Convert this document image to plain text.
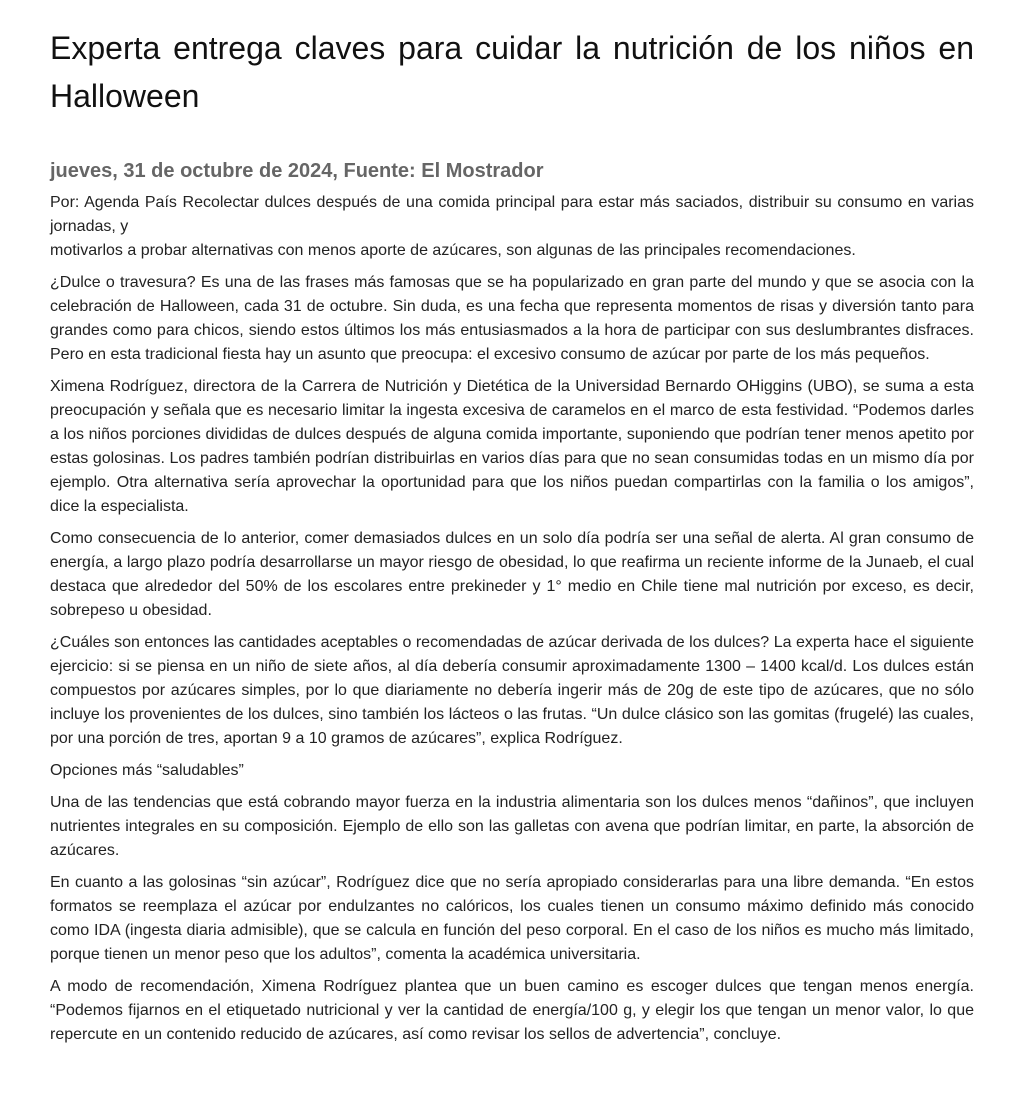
Experta entrega claves para cuidar la nutrición de los niños en Halloween
jueves, 31 de octubre de 2024, Fuente: El Mostrador

Por: Agenda País Recolectar dulces después de una comida principal para estar más saciados, distribuir su consumo en varias jornadas, y
motivarlos a probar alternativas con menos aporte de azúcares, son algunas de las principales recomendaciones.

¿Dulce o travesura? Es una de las frases más famosas que se ha popularizado en gran parte del mundo y que se asocia con la celebración de Halloween, cada 31 de octubre. Sin duda, es una fecha que representa momentos de risas y diversión tanto para grandes como para chicos, siendo estos últimos los más entusiasmados a la hora de participar con sus deslumbrantes disfraces. Pero en esta tradicional fiesta hay un asunto que preocupa: el excesivo consumo de azúcar por parte de los más pequeños.

Ximena Rodríguez, directora de la Carrera de Nutrición y Dietética de la Universidad Bernardo OHiggins (UBO), se suma a esta preocupación y señala que es necesario limitar la ingesta excesiva de caramelos en el marco de esta festividad. “Podemos darles a los niños porciones divididas de dulces después de alguna comida importante, suponiendo que podrían tener menos apetito por estas golosinas. Los padres también podrían distribuirlas en varios días para que no sean consumidas todas en un mismo día por ejemplo. Otra alternativa sería aprovechar la oportunidad para que los niños puedan compartirlas con la familia o los amigos”, dice la especialista.

Como consecuencia de lo anterior, comer demasiados dulces en un solo día podría ser una señal de alerta. Al gran consumo de energía, a largo plazo podría desarrollarse un mayor riesgo de obesidad, lo que reafirma un reciente informe de la Junaeb, el cual destaca que alrededor del 50% de los escolares entre prekineder y 1° medio en Chile tiene mal nutrición por exceso, es decir, sobrepeso u obesidad.

¿Cuáles son entonces las cantidades aceptables o recomendadas de azúcar derivada de los dulces? La experta hace el siguiente ejercicio: si se piensa en un niño de siete años, al día debería consumir aproximadamente 1300 – 1400 kcal/d. Los dulces están compuestos por azúcares simples, por lo que diariamente no debería ingerir más de 20g de este tipo de azúcares, que no sólo incluye los provenientes de los dulces, sino también los lácteos o las frutas. “Un dulce clásico son las gomitas (frugelé) las cuales, por una porción de tres, aportan 9 a 10 gramos de azúcares”, explica Rodríguez.

Opciones más “saludables”

Una de las tendencias que está cobrando mayor fuerza en la industria alimentaria son los dulces menos “dañinos”, que incluyen nutrientes integrales en su composición. Ejemplo de ello son las galletas con avena que podrían limitar, en parte, la absorción de azúcares.

En cuanto a las golosinas “sin azúcar”, Rodríguez dice que no sería apropiado considerarlas para una libre demanda. “En estos formatos se reemplaza el azúcar por endulzantes no calóricos, los cuales tienen un consumo máximo definido más conocido como IDA (ingesta diaria admisible), que se calcula en función del peso corporal. En el caso de los niños es mucho más limitado, porque tienen un menor peso que los adultos”, comenta la académica universitaria.

A modo de recomendación, Ximena Rodríguez plantea que un buen camino es escoger dulces que tengan menos energía. “Podemos fijarnos en el etiquetado nutricional y ver la cantidad de energía/100 g, y elegir los que tengan un menor valor, lo que repercute en un contenido reducido de azúcares, así como revisar los sellos de advertencia”, concluye.
